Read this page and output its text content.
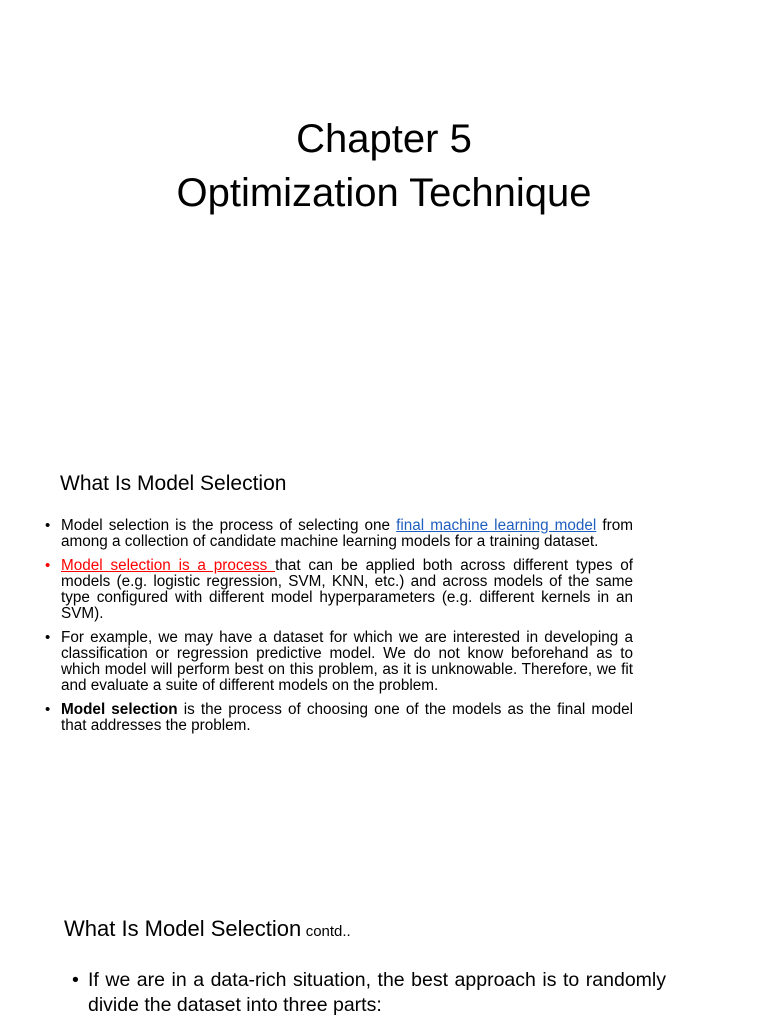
Chapter 5
Optimization Technique
What Is Model Selection
• Model selection is the process of selecting one final machine learning model from among a collection of candidate machine learning models for a training dataset.
• Model selection is a process that can be applied both across different types of models (e.g. logistic regression, SVM, KNN, etc.) and across models of the same type configured with different model hyperparameters (e.g. different kernels in an SVM).
• For example, we may have a dataset for which we are interested in developing a classification or regression predictive model. We do not know beforehand as to which model will perform best on this problem, as it is unknowable. Therefore, we fit and evaluate a suite of different models on the problem.
• Model selection is the process of choosing one of the models as the final model that addresses the problem.
What Is Model Selection contd..
• If we are in a data-rich situation, the best approach is to randomly divide the dataset into three parts:
